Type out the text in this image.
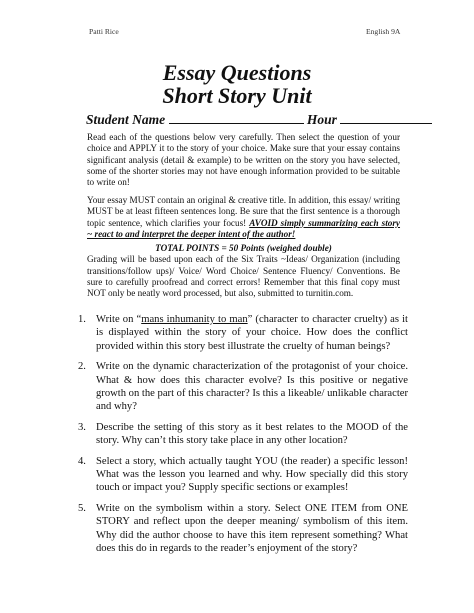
Patti Rice	English 9A
Essay Questions
Short Story Unit
Student Name	Hour
Read each of the questions below very carefully. Then select the question of your choice and APPLY it to the story of your choice. Make sure that your essay contains significant analysis (detail & example) to be written on the story you have selected, some of the shorter stories may not have enough information provided to be suitable to write on!
Your essay MUST contain an original & creative title. In addition, this essay/ writing MUST be at least fifteen sentences long. Be sure that the first sentence is a thorough topic sentence, which clarifies your focus! AVOID simply summarizing each story ~ react to and interpret the deeper intent of the author!
TOTAL POINTS = 50 Points (weighed double)
Grading will be based upon each of the Six Traits ~Ideas/ Organization (including transitions/follow ups)/ Voice/ Word Choice/ Sentence Fluency/ Conventions. Be sure to carefully proofread and correct errors! Remember that this final copy must NOT only be neatly word processed, but also, submitted to turnitin.com.
1. Write on “mans inhumanity to man” (character to character cruelty) as it is displayed within the story of your choice. How does the conflict provided within this story best illustrate the cruelty of human beings?
2. Write on the dynamic characterization of the protagonist of your choice. What & how does this character evolve? Is this positive or negative growth on the part of this character? Is this a likeable/ unlikable character and why?
3. Describe the setting of this story as it best relates to the MOOD of the story. Why can’t this story take place in any other location?
4. Select a story, which actually taught YOU (the reader) a specific lesson! What was the lesson you learned and why. How specially did this story touch or impact you? Supply specific sections or examples!
5. Write on the symbolism within a story. Select ONE ITEM from ONE STORY and reflect upon the deeper meaning/ symbolism of this item. Why did the author choose to have this item represent something? What does this do in regards to the reader’s enjoyment of the story?
